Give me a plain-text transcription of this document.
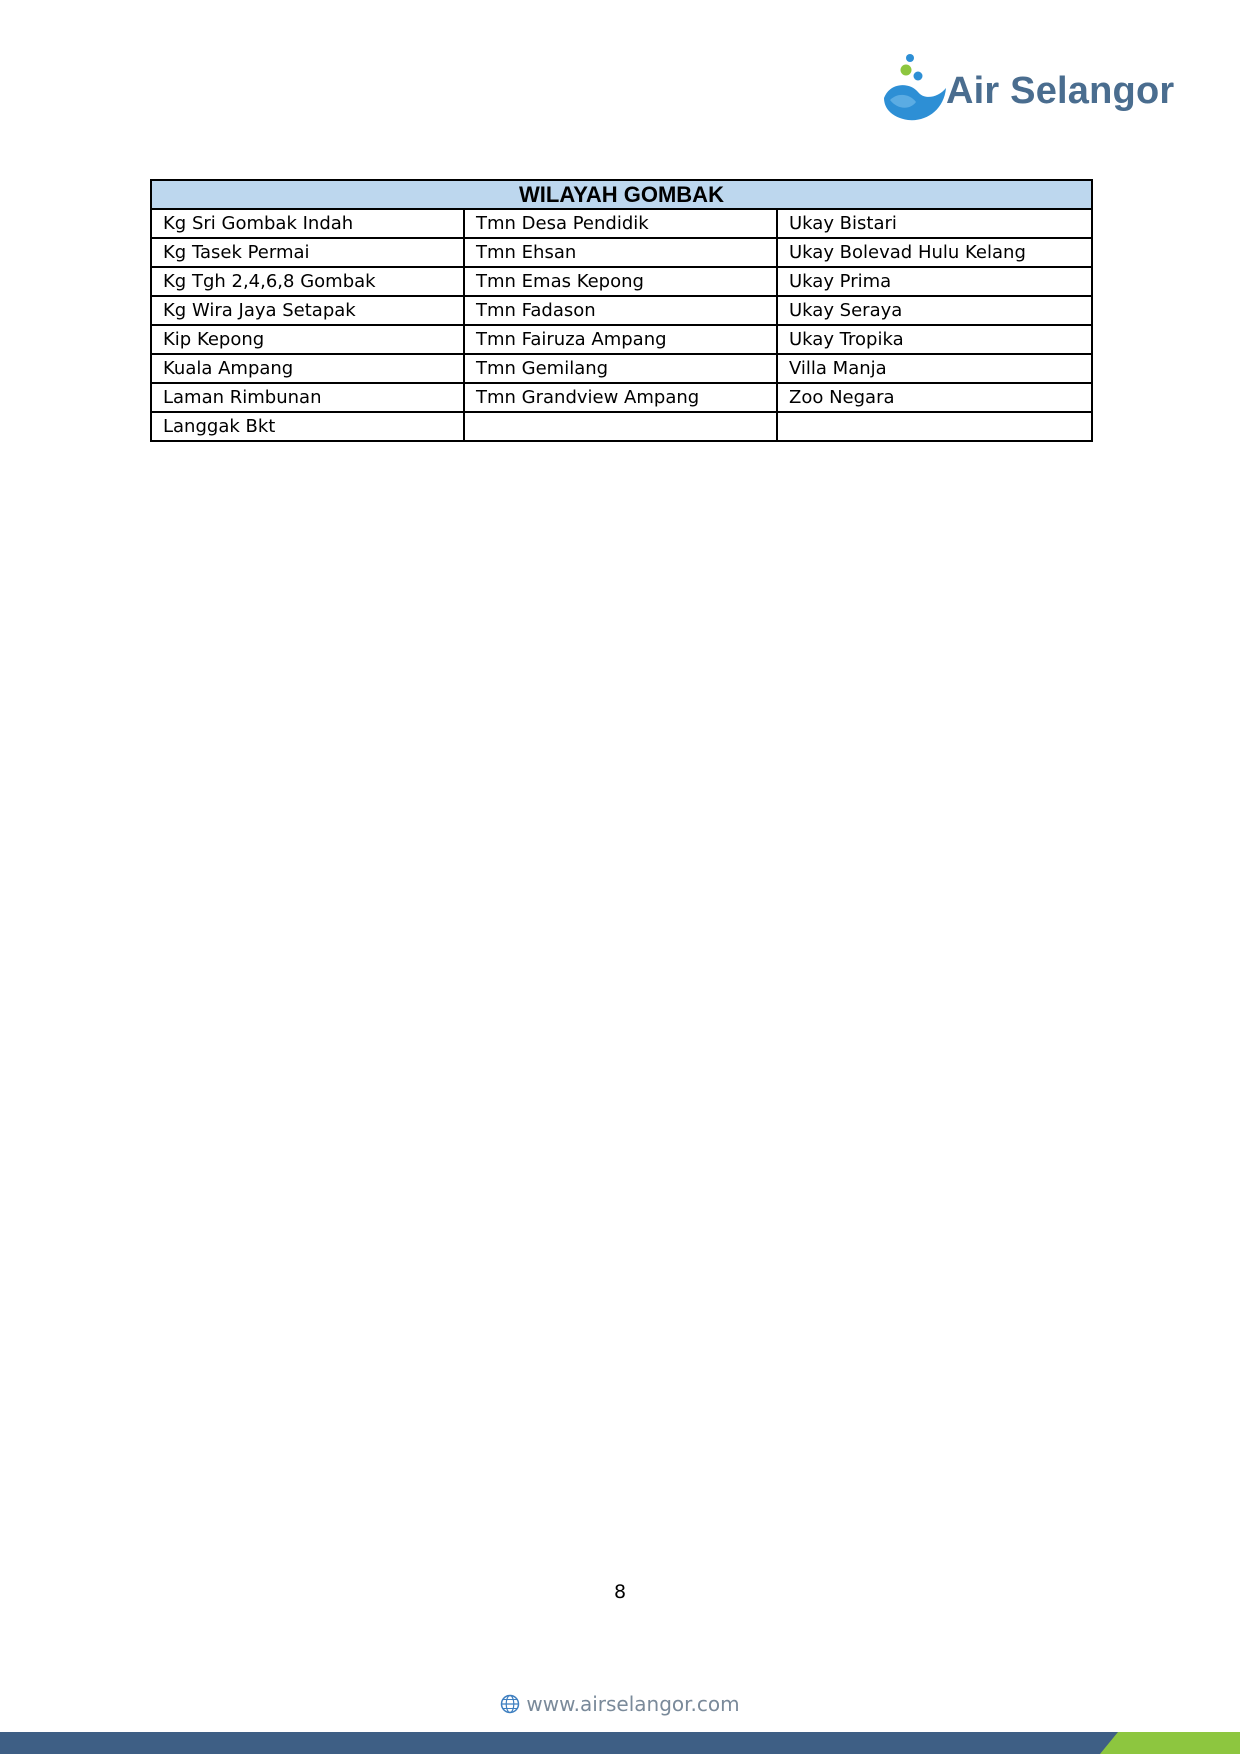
Air Selangor
WILAYAH GOMBAK		
Kg Sri Gombak Indah	Tmn Desa Pendidik	Ukay Bistari
Kg Tasek Permai	Tmn Ehsan	Ukay Bolevad Hulu Kelang
Kg Tgh 2,4,6,8 Gombak	Tmn Emas Kepong	Ukay Prima
Kg Wira Jaya Setapak	Tmn Fadason	Ukay Seraya
Kip Kepong	Tmn Fairuza Ampang	Ukay Tropika
Kuala Ampang	Tmn Gemilang	Villa Manja
Laman Rimbunan	Tmn Grandview Ampang	Zoo Negara
Langgak Bkt		
8
www.airselangor.com
